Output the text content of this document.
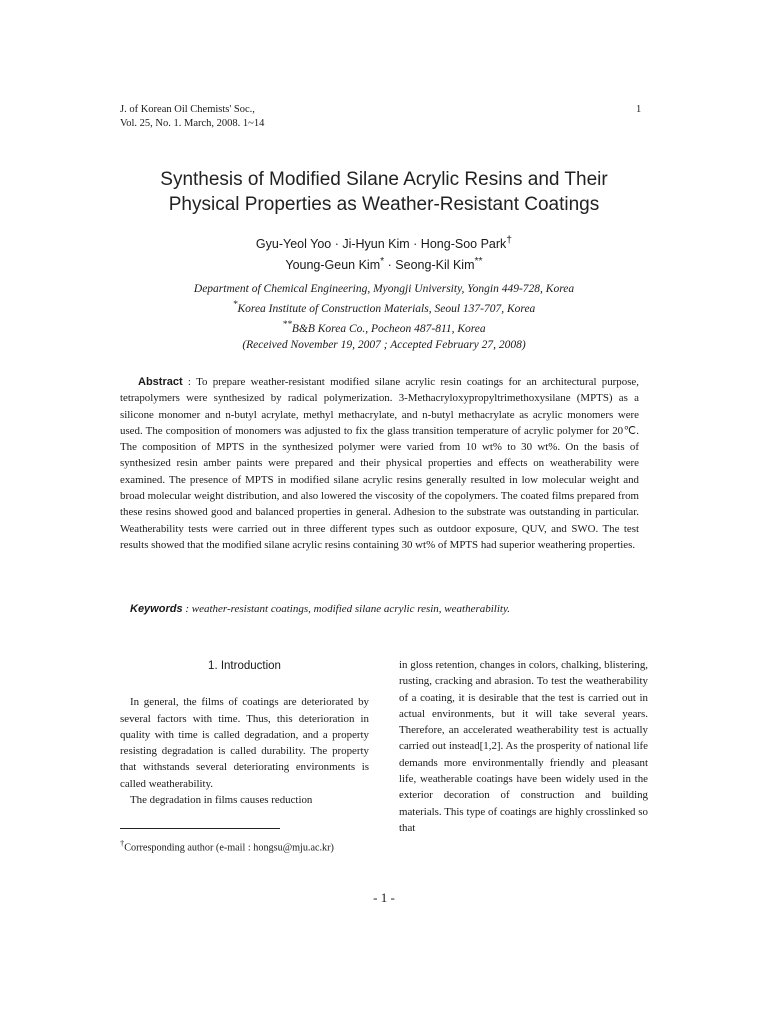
J. of Korean Oil Chemists' Soc.,
Vol. 25, No. 1. March, 2008. 1~14
1
Synthesis of Modified Silane Acrylic Resins and Their
Physical Properties as Weather-Resistant Coatings
Gyu-Yeol Yoo · Ji-Hyun Kim · Hong-Soo Park†
Young-Geun Kim* · Seong-Kil Kim**
Department of Chemical Engineering, Myongji University, Yongin 449-728, Korea
*Korea Institute of Construction Materials, Seoul 137-707, Korea
**B&B Korea Co., Pocheon 487-811, Korea
(Received November 19, 2007 ; Accepted February 27, 2008)

Abstract : To prepare weather-resistant modified silane acrylic resin coatings for an architectural purpose, tetrapolymers were synthesized by radical polymerization. 3-Methacryloxypropyltrimethoxysilane (MPTS) as a silicone monomer and n-butyl acrylate, methyl methacrylate, and n-butyl methacrylate as acrylic monomers were used. The composition of monomers was adjusted to fix the glass transition temperature of acrylic polymer for 20℃. The composition of MPTS in the synthesized polymer were varied from 10 wt% to 30 wt%. On the basis of synthesized resin amber paints were prepared and their physical properties and effects on weatherability were examined. The presence of MPTS in modified silane acrylic resins generally resulted in low molecular weight and broad molecular weight distribution, and also lowered the viscosity of the copolymers. The coated films prepared from these resins showed good and balanced properties in general. Adhesion to the substrate was outstanding in particular. Weatherability tests were carried out in three different types such as outdoor exposure, QUV, and SWO. The test results showed that the modified silane acrylic resins containing 30 wt% of MPTS had superior weathering properties.

Keywords : weather-resistant coatings, modified silane acrylic resin, weatherability.
1. Introduction

In general, the films of coatings are deteriorated by several factors with time. Thus, this deterioration in quality with time is called degradation, and a property resisting degradation is called durability. The property that withstands several deteriorating environments is called weatherability.

The degradation in films causes reduction

in gloss retention, changes in colors, chalking, blistering, rusting, cracking and abrasion. To test the weatherability of a coating, it is desirable that the test is carried out in actual environments, but it will take several years. Therefore, an accelerated weatherability test is actually carried out instead[1,2]. As the prosperity of national life demands more environmentally friendly and pleasant life, weatherable coatings have been widely used in the exterior decoration of construction and building materials. This type of coatings are highly crosslinked so that

†Corresponding author (e-mail : hongsu@mju.ac.kr)
- 1 -
